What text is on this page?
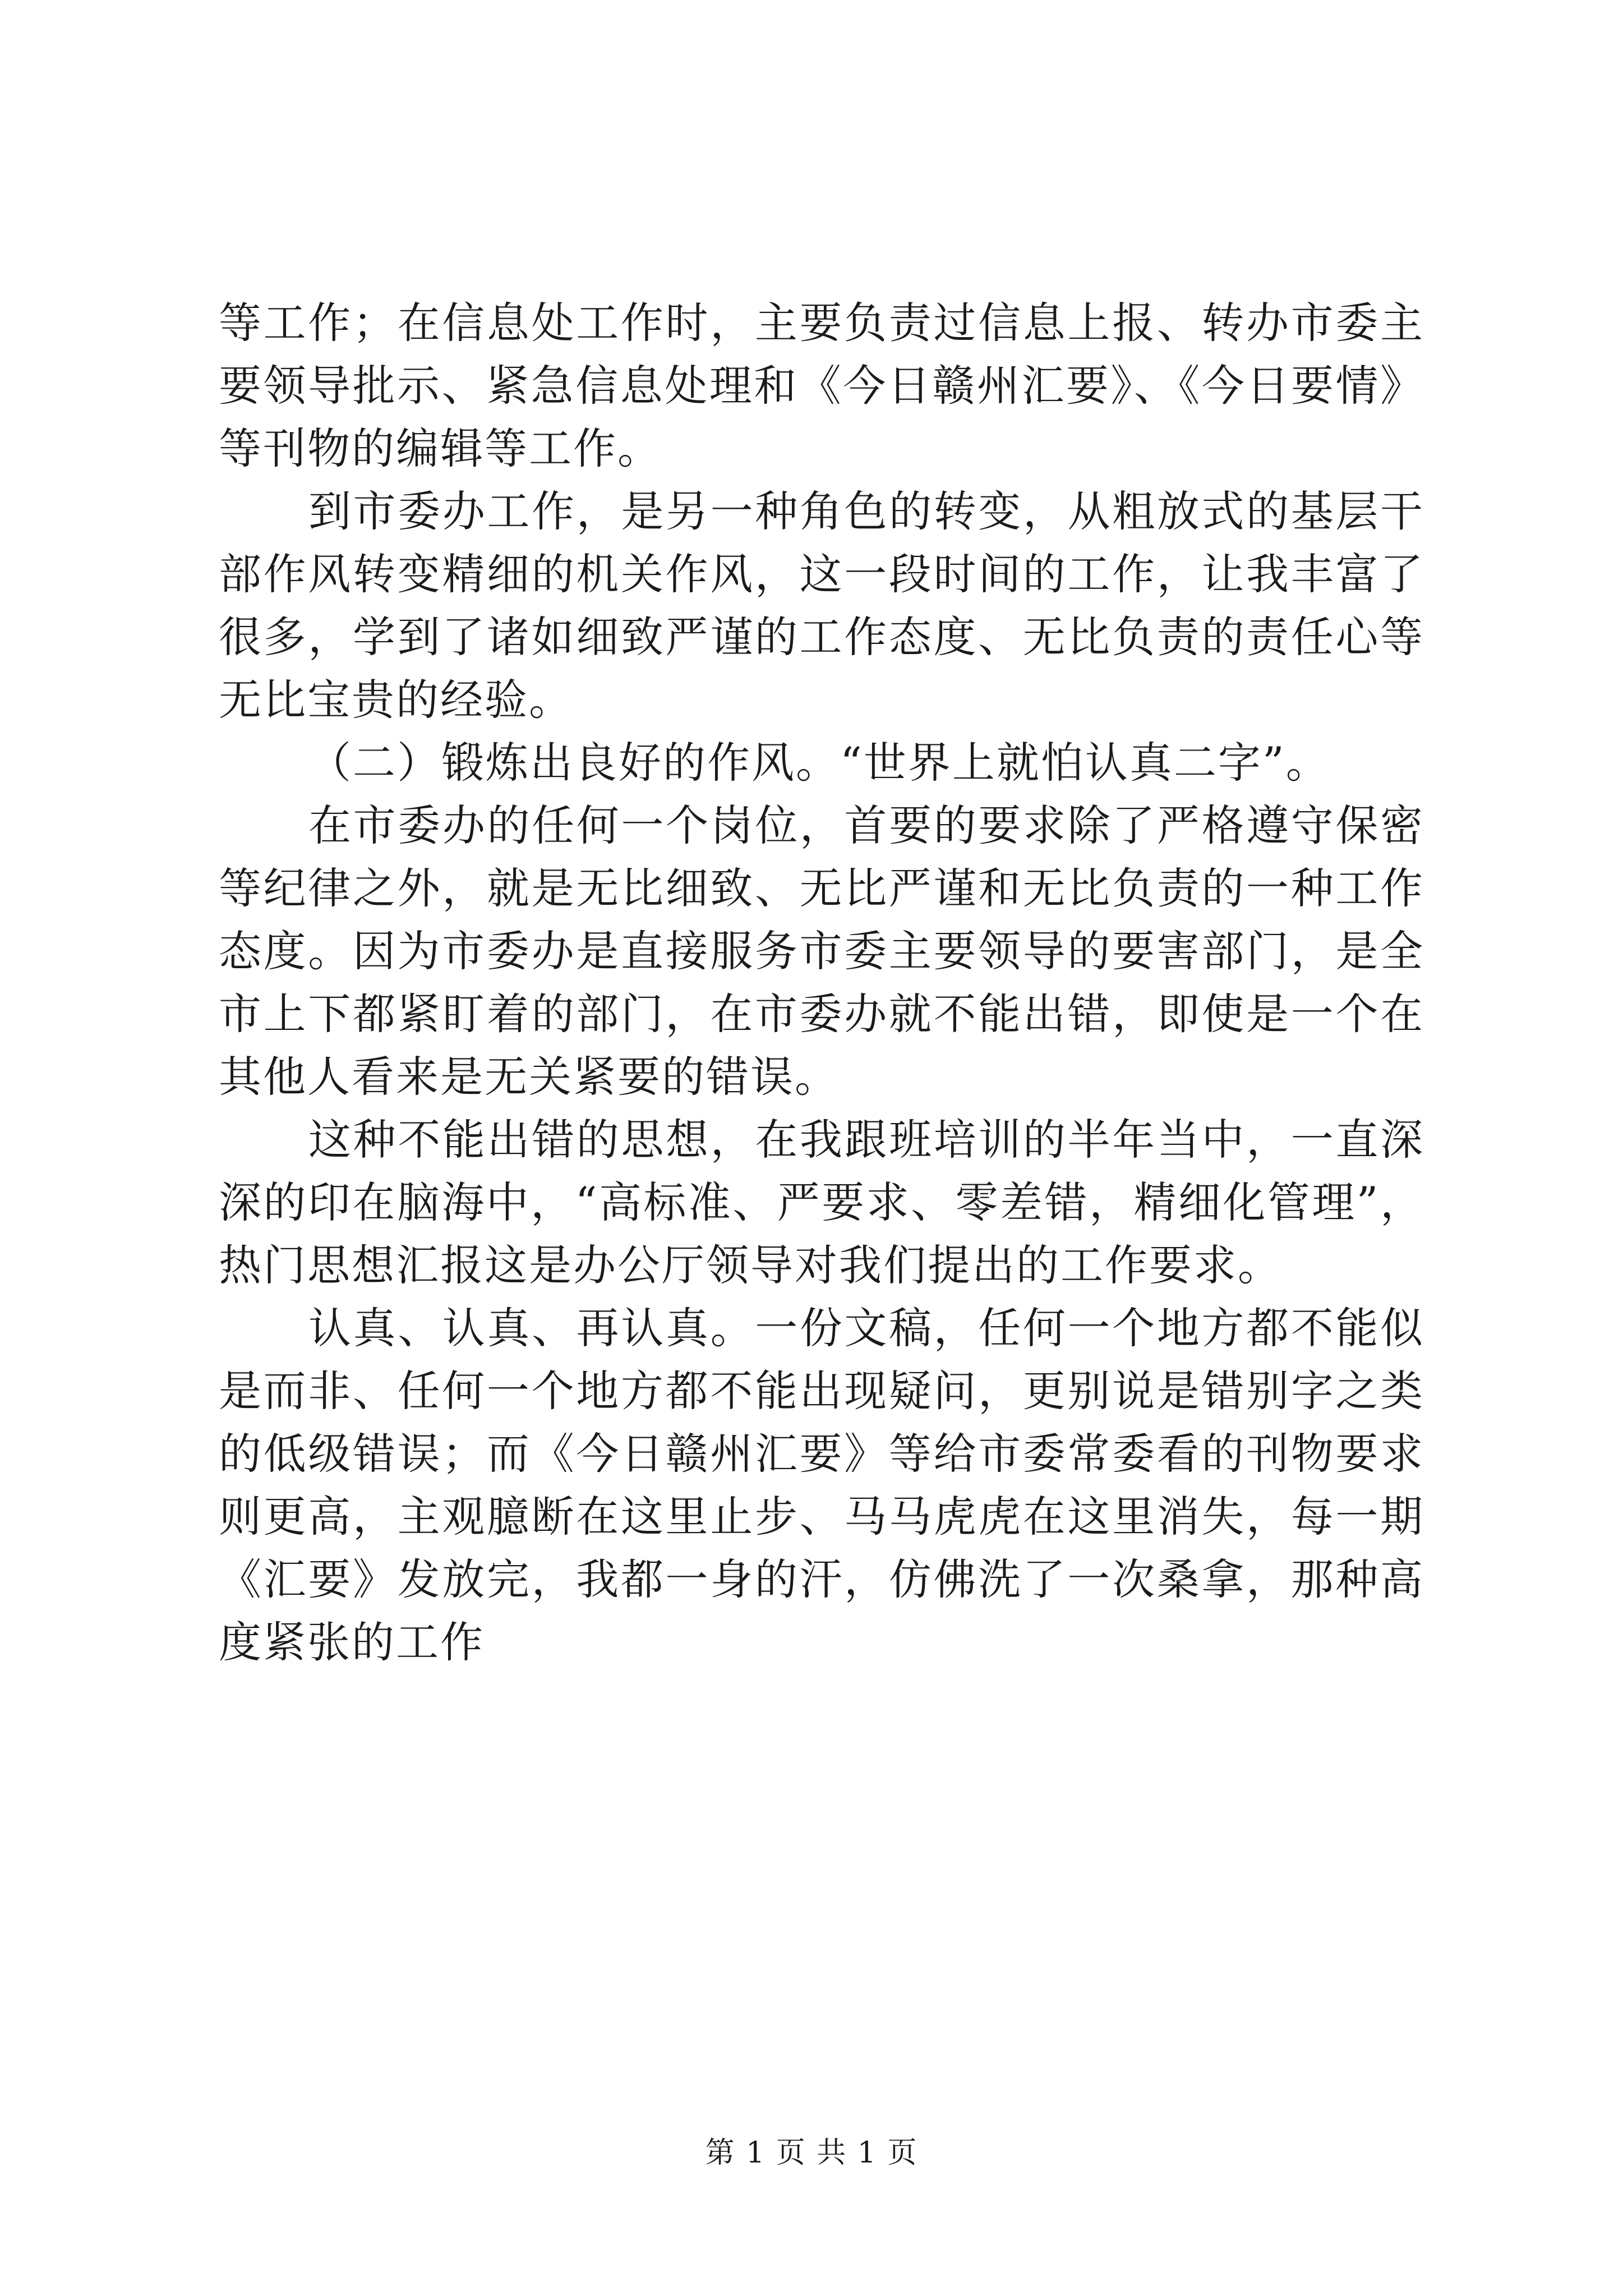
等工作；在信息处工作时，主要负责过信息上报、转办市委主要领导批示、紧急信息处理和《今日赣州汇要》、《今日要情》等刊物的编辑等工作。

到市委办工作，是另一种角色的转变，从粗放式的基层干部作风转变精细的机关作风，这一段时间的工作，让我丰富了很多，学到了诸如细致严谨的工作态度、无比负责的责任心等无比宝贵的经验。

（二）锻炼出良好的作风。“世界上就怕认真二字”。

在市委办的任何一个岗位，首要的要求除了严格遵守保密等纪律之外，就是无比细致、无比严谨和无比负责的一种工作态度。因为市委办是直接服务市委主要领导的要害部门，是全市上下都紧盯着的部门，在市委办就不能出错，即使是一个在其他人看来是无关紧要的错误。

这种不能出错的思想，在我跟班培训的半年当中，一直深深的印在脑海中，“高标准、严要求、零差错，精细化管理”，热门思想汇报这是办公厅领导对我们提出的工作要求。

认真、认真、再认真。一份文稿，任何一个地方都不能似是而非、任何一个地方都不能出现疑问，更别说是错别字之类的低级错误；而《今日赣州汇要》等给市委常委看的刊物要求则更高，主观臆断在这里止步、马马虎虎在这里消失，每一期《汇要》发放完，我都一身的汗，仿佛洗了一次桑拿，那种高度紧张的工作

第 1 页 共 1 页
